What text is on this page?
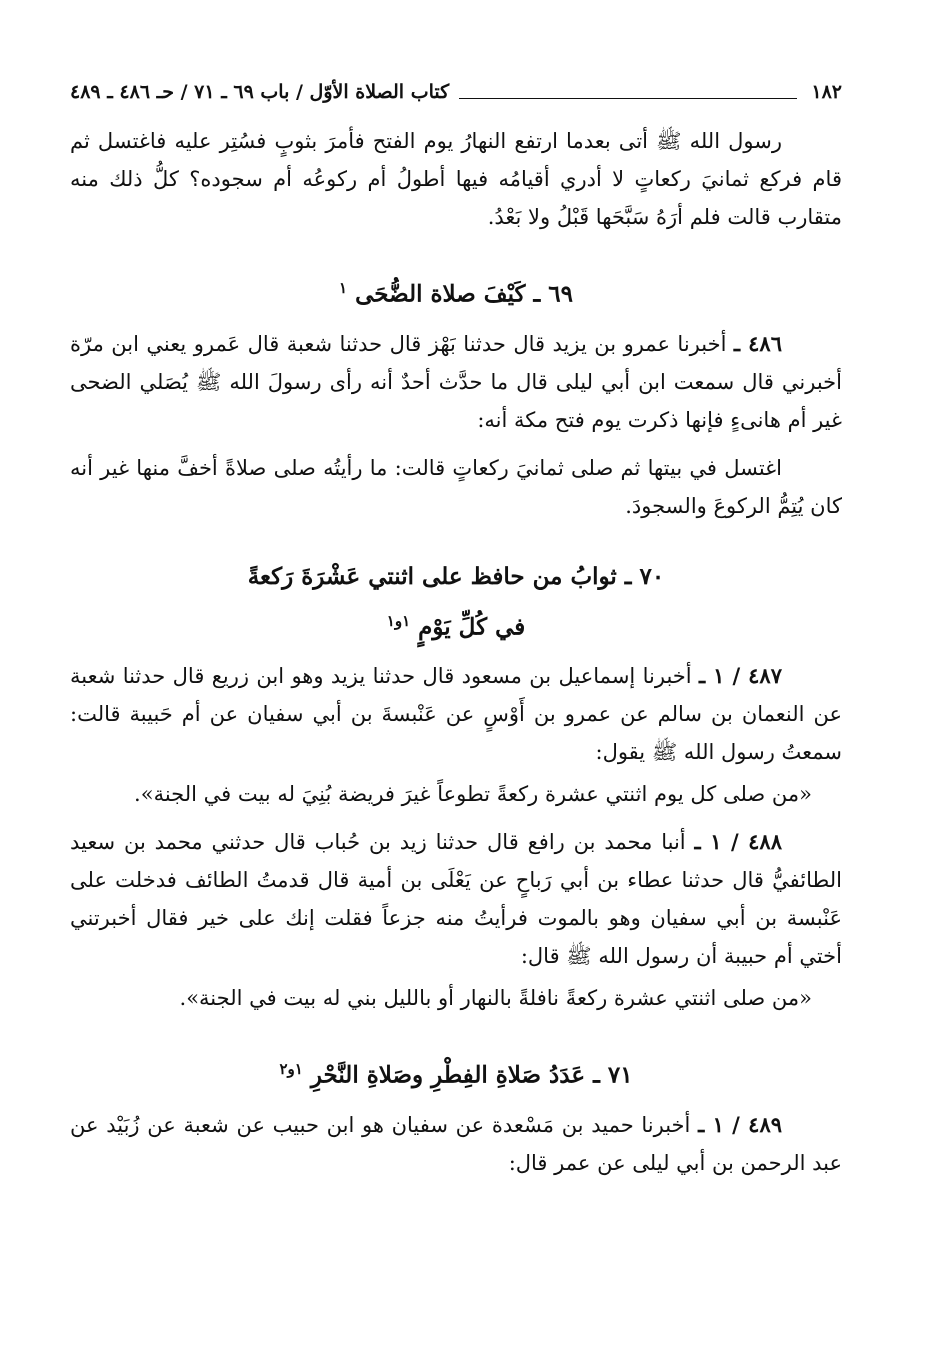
١٨٢
كتاب الصلاة الأوّل / باب ٦٩ ـ ٧١ / حـ ٤٨٦ ـ ٤٨٩

رسول الله ﷺ أتى بعدما ارتفع النهارُ يوم الفتح فأمرَ بثوبٍ فسُتِر عليه فاغتسل ثم قام فركع ثمانيَ ركعاتٍ لا أدري أقيامُه فيها أطولُ أم ركوعُه أم سجوده؟ كلُّ ذلك منه متقارب قالت فلم أرَهُ سَبَّحَها قَبْلُ ولا بَعْدُ.

٦٩ ـ كَيْفَ صلاة الضُّحَى $^١$

٤٨٦ ـ أخبرنا عمرو بن يزيد قال حدثنا بَهْز قال حدثنا شعبة قال عَمرو يعني ابن مرّة أخبرني قال سمعت ابن أبي ليلى قال ما حدَّث أحدٌ أنه رأى رسولَ الله ﷺ يُصَلي الضحى غير أم هانىءٍ فإنها ذكرت يوم فتح مكة أنه:

اغتسل في بيتها ثم صلى ثمانيَ ركعاتٍ قالت: ما رأيتُه صلى صلاةً أخفَّ منها غير أنه كان يُتِمُّ الركوعَ والسجودَ.

٧٠ ـ ثوابُ من حافظ على اثنتي عَشْرَةَ رَكعةً
في كُلِّ يَوْمٍ $^{١و١}$

٤٨٧ / ١ ـ أخبرنا إسماعيل بن مسعود قال حدثنا يزيد وهو ابن زريع قال حدثنا شعبة عن النعمان بن سالم عن عمرو بن أَوْسٍ عن عَنْبسةَ بن أبي سفيان عن أم حَبيبة قالت: سمعتُ رسول الله ﷺ يقول:

«من صلى كل يوم اثنتي عشرة ركعةً تطوعاً غيرَ فريضة بُنِيَ له بيت في الجنة».

٤٨٨ / ١ ـ أنبا محمد بن رافع قال حدثنا زيد بن حُباب قال حدثني محمد بن سعيد الطائفيُّ قال حدثنا عطاء بن أبي رَباحٍ عن يَعْلَى بن أمية قال قدمتُ الطائف فدخلت على عَنْبسة بن أبي سفيان وهو بالموت فرأيتُ منه جزعاً فقلت إنك على خير فقال أخبرتني أختي أم حبيبة أن رسول الله ﷺ قال:

«من صلى اثنتي عشرة ركعةً نافلةً بالنهار أو بالليل بني له بيت في الجنة».

٧١ ـ عَدَدُ صَلاةِ الفِطْرِ وصَلاةِ النَّحْرِ $^{١و٢}$

٤٨٩ / ١ ـ أخبرنا حميد بن مَسْعدة عن سفيان هو ابن حبيب عن شعبة عن زُبَيْد عن عبد الرحمن بن أبي ليلى عن عمر قال:
